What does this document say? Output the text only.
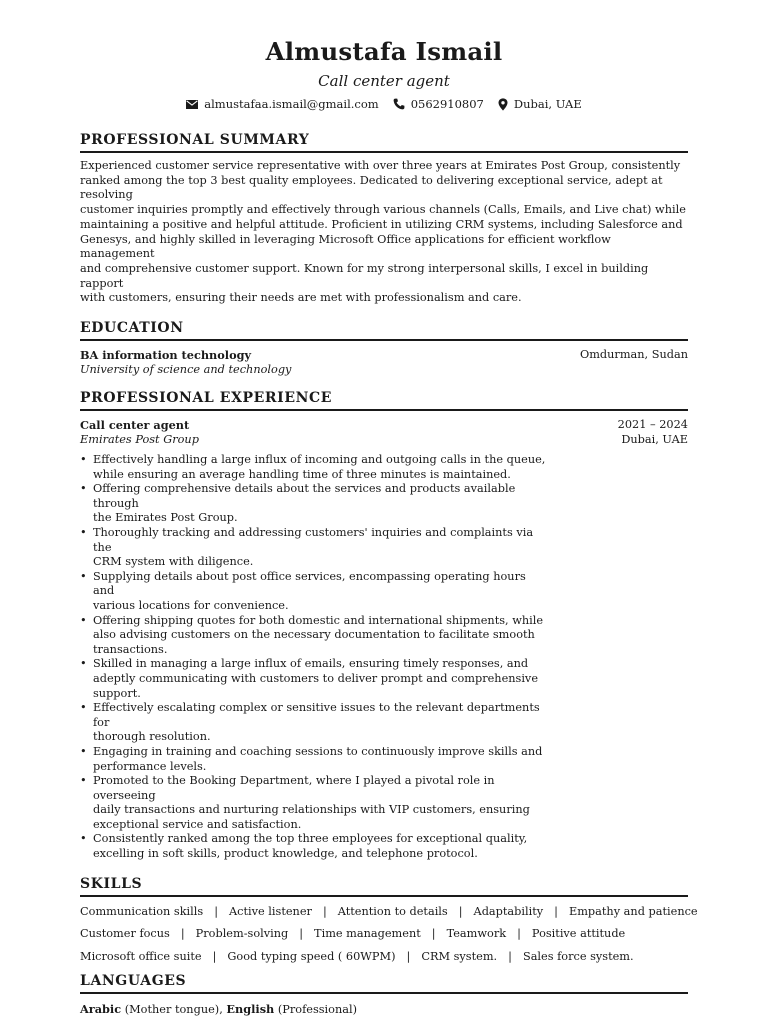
Almustafa Ismail
Call center agent
almustafaa.ismail@gmail.com	0562910807	Dubai, UAE
PROFESSIONAL SUMMARY
Experienced customer service representative with over three years at Emirates Post Group, consistently
ranked among the top 3 best quality employees. Dedicated to delivering exceptional service, adept at resolving
customer inquiries promptly and effectively through various channels (Calls, Emails, and Live chat) while
maintaining a positive and helpful attitude. Proficient in utilizing CRM systems, including Salesforce and
Genesys, and highly skilled in leveraging Microsoft Office applications for efficient workflow management
and comprehensive customer support. Known for my strong interpersonal skills, I excel in building rapport
with customers, ensuring their needs are met with professionalism and care.
EDUCATION
BA information technology	Omdurman, Sudan
University of science and technology
PROFESSIONAL EXPERIENCE
Call center agent	2021 – 2024
Emirates Post Group	Dubai, UAE
• Effectively handling a large influx of incoming and outgoing calls in the queue,
while ensuring an average handling time of three minutes is maintained.
• Offering comprehensive details about the services and products available through
the Emirates Post Group.
• Thoroughly tracking and addressing customers' inquiries and complaints via the
CRM system with diligence.
• Supplying details about post office services, encompassing operating hours and
various locations for convenience.
• Offering shipping quotes for both domestic and international shipments, while
also advising customers on the necessary documentation to facilitate smooth
transactions.
• Skilled in managing a large influx of emails, ensuring timely responses, and
adeptly communicating with customers to deliver prompt and comprehensive
support.
• Effectively escalating complex or sensitive issues to the relevant departments for
thorough resolution.
• Engaging in training and coaching sessions to continuously improve skills and
performance levels.
• Promoted to the Booking Department, where I played a pivotal role in overseeing
daily transactions and nurturing relationships with VIP customers, ensuring
exceptional service and satisfaction.
• Consistently ranked among the top three employees for exceptional quality,
excelling in soft skills, product knowledge, and telephone protocol.
SKILLS
Communication skills | Active listener | Attention to details | Adaptability | Empathy and patience
Customer focus | Problem-solving | Time management | Teamwork | Positive attitude
Microsoft office suite | Good typing speed ( 60WPM) | CRM system. | Sales force system.
LANGUAGES
Arabic (Mother tongue), English (Professional)
